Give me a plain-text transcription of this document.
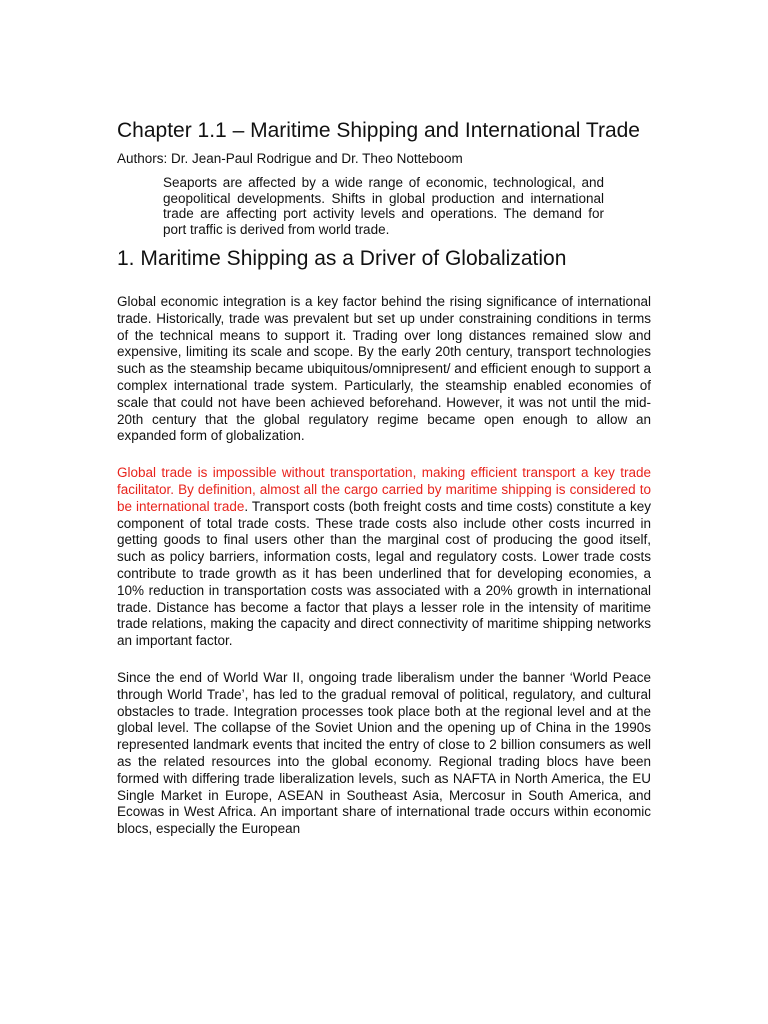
Chapter 1.1 – Maritime Shipping and International Trade

Authors: Dr. Jean-Paul Rodrigue and Dr. Theo Notteboom

Seaports are affected by a wide range of economic, technological, and geopolitical developments. Shifts in global production and international trade are affecting port activity levels and operations. The demand for port traffic is derived from world trade.

1. Maritime Shipping as a Driver of Globalization

Global economic integration is a key factor behind the rising significance of international trade. Historically, trade was prevalent but set up under constraining conditions in terms of the technical means to support it. Trading over long distances remained slow and expensive, limiting its scale and scope. By the early 20th century, transport technologies such as the steamship became ubiquitous/omnipresent/ and efficient enough to support a complex international trade system. Particularly, the steamship enabled economies of scale that could not have been achieved beforehand. However, it was not until the mid-20th century that the global regulatory regime became open enough to allow an expanded form of globalization.

Global trade is impossible without transportation, making efficient transport a key trade facilitator. By definition, almost all the cargo carried by maritime shipping is considered to be international trade. Transport costs (both freight costs and time costs) constitute a key component of total trade costs. These trade costs also include other costs incurred in getting goods to final users other than the marginal cost of producing the good itself, such as policy barriers, information costs, legal and regulatory costs. Lower trade costs contribute to trade growth as it has been underlined that for developing economies, a 10% reduction in transportation costs was associated with a 20% growth in international trade. Distance has become a factor that plays a lesser role in the intensity of maritime trade relations, making the capacity and direct connectivity of maritime shipping networks an important factor.

Since the end of World War II, ongoing trade liberalism under the banner ‘World Peace through World Trade’, has led to the gradual removal of political, regulatory, and cultural obstacles to trade. Integration processes took place both at the regional level and at the global level. The collapse of the Soviet Union and the opening up of China in the 1990s represented landmark events that incited the entry of close to 2 billion consumers as well as the related resources into the global economy. Regional trading blocs have been formed with differing trade liberalization levels, such as NAFTA in North America, the EU Single Market in Europe, ASEAN in Southeast Asia, Mercosur in South America, and Ecowas in West Africa. An important share of international trade occurs within economic blocs, especially the European
